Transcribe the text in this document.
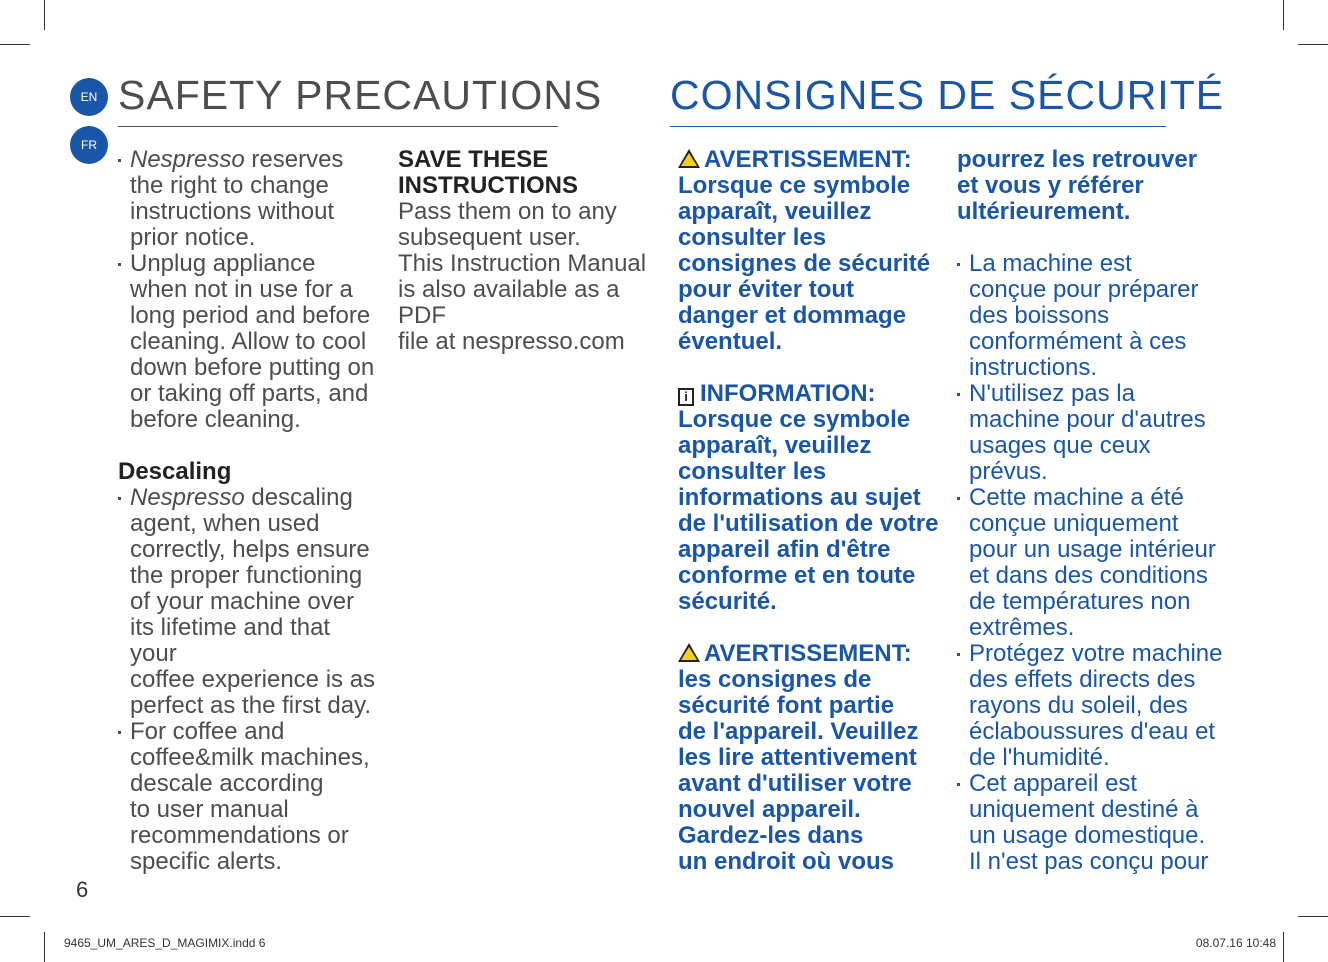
EN
FR
SAFETY PRECAUTIONS CONSIGNES DE SÉCURITÉ
Nespresso reserves
the right to change
instructions without
prior notice.
Unplug appliance
when not in use for a
long period and before
cleaning. Allow to cool
down before putting on
or taking off parts, and
before cleaning.
Descaling
Nespresso descaling
agent, when used
correctly, helps ensure
the proper functioning
of your machine over
its lifetime and that
your
coffee experience is as
perfect as the first day.
For coffee and
coffee&milk machines,
descale according
to user manual
recommendations or
specific alerts.
SAVE THESE
INSTRUCTIONS
Pass them on to any
subsequent user.
This Instruction Manual
is also available as a PDF
file at nespresso.com
AVERTISSEMENT:
Lorsque ce symbole
apparaît, veuillez
consulter les
consignes de sécurité
pour éviter tout
danger et dommage
éventuel.
i INFORMATION:
Lorsque ce symbole
apparaît, veuillez
consulter les
informations au sujet
de l'utilisation de votre
appareil afin d'être
conforme et en toute
sécurité.
AVERTISSEMENT:
les consignes de
sécurité font partie
de l'appareil. Veuillez
les lire attentivement
avant d'utiliser votre
nouvel appareil.
Gardez-les dans
un endroit où vous
pourrez les retrouver
et vous y référer
ultérieurement.
La machine est
conçue pour préparer
des boissons
conformément à ces
instructions.
N'utilisez pas la
machine pour d'autres
usages que ceux
prévus.
Cette machine a été
conçue uniquement
pour un usage intérieur
et dans des conditions
de températures non
extrêmes.
Protégez votre machine
des effets directs des
rayons du soleil, des
éclaboussures d'eau et
de l'humidité.
Cet appareil est
uniquement destiné à
un usage domestique.
Il n'est pas conçu pour
6
9465_UM_ARES_D_MAGIMIX.indd 6	08.07.16 10:48
